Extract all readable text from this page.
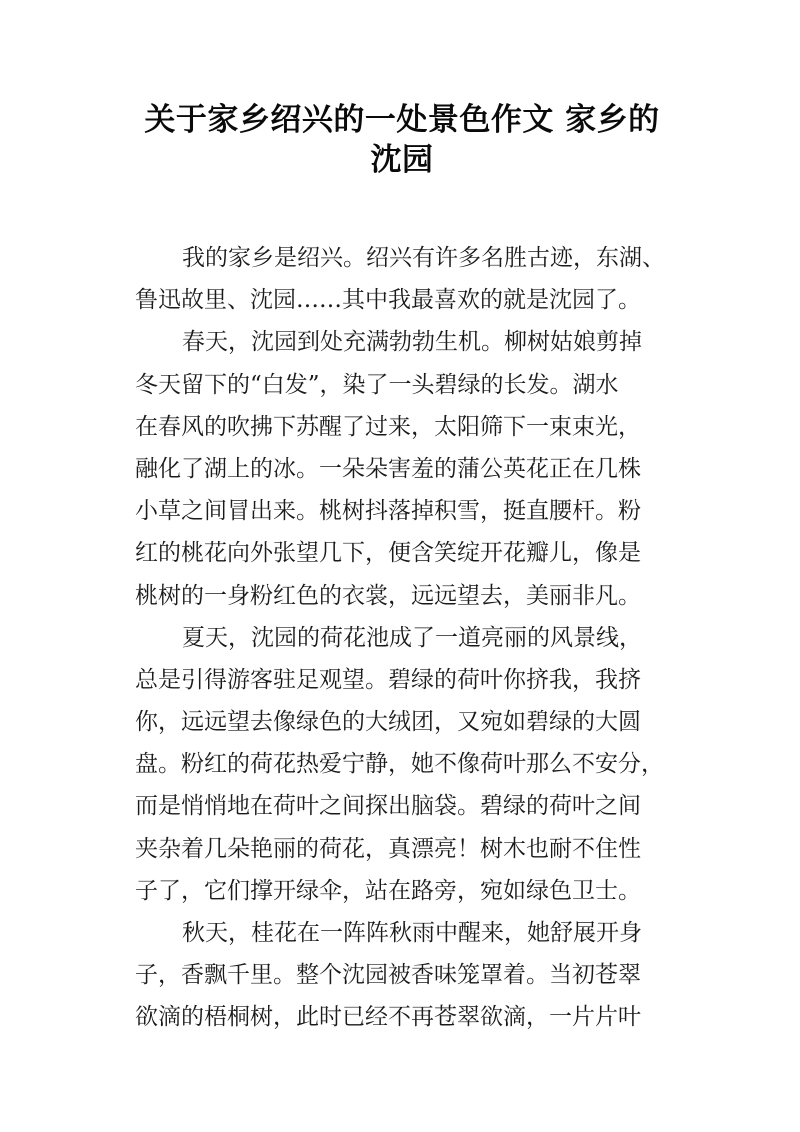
关于家乡绍兴的一处景色作文 家乡的
沈园
我的家乡是绍兴。绍兴有许多名胜古迹，东湖、
鲁迅故里、沈园……其中我最喜欢的就是沈园了。
春天，沈园到处充满勃勃生机。柳树姑娘剪掉
冬天留下的“白发”，染了一头碧绿的长发。湖水
在春风的吹拂下苏醒了过来，太阳筛下一束束光，
融化了湖上的冰。一朵朵害羞的蒲公英花正在几株
小草之间冒出来。桃树抖落掉积雪，挺直腰杆。粉
红的桃花向外张望几下，便含笑绽开花瓣儿，像是
桃树的一身粉红色的衣裳，远远望去，美丽非凡。
夏天，沈园的荷花池成了一道亮丽的风景线，
总是引得游客驻足观望。碧绿的荷叶你挤我，我挤
你，远远望去像绿色的大绒团，又宛如碧绿的大圆
盘。粉红的荷花热爱宁静，她不像荷叶那么不安分，
而是悄悄地在荷叶之间探出脑袋。碧绿的荷叶之间
夹杂着几朵艳丽的荷花，真漂亮！树木也耐不住性
子了，它们撑开绿伞，站在路旁，宛如绿色卫士。
秋天，桂花在一阵阵秋雨中醒来，她舒展开身
子，香飘千里。整个沈园被香味笼罩着。当初苍翠
欲滴的梧桐树，此时已经不再苍翠欲滴，一片片叶
